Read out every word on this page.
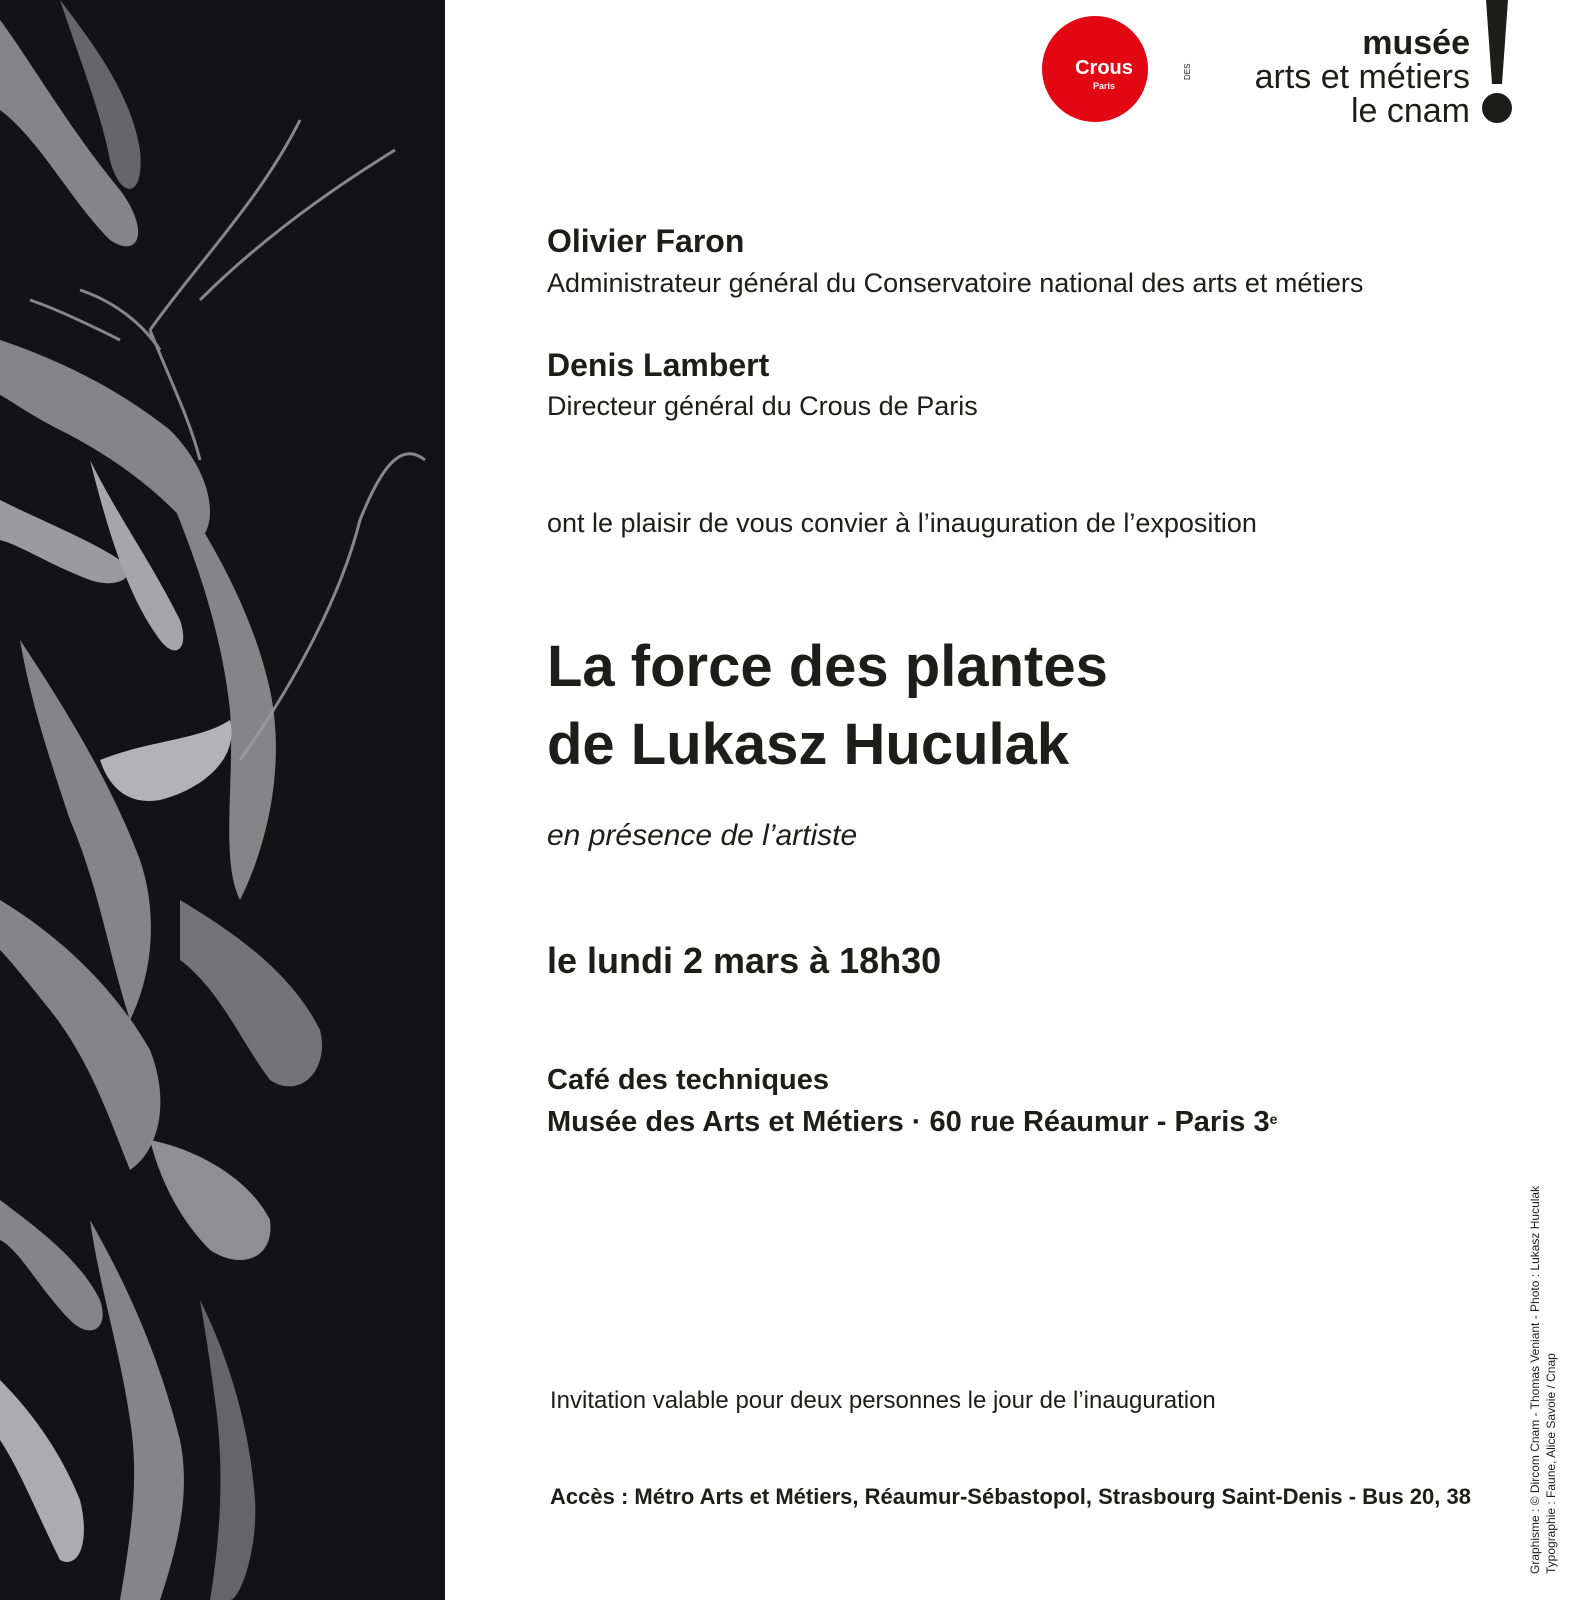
Crous
Paris
musée
DES arts et métiers
le cnam
Olivier Faron
Administrateur général du Conservatoire national des arts et métiers
Denis Lambert
Directeur général du Crous de Paris
ont le plaisir de vous convier à l’inauguration de l’exposition
La force des plantes
de Lukasz Huculak
en présence de l’artiste
le lundi 2 mars à 18h30
Café des techniques
Musée des Arts et Métiers · 60 rue Réaumur - Paris 3e
Invitation valable pour deux personnes le jour de l’inauguration
Accès : Métro Arts et Métiers, Réaumur-Sébastopol, Strasbourg Saint-Denis - Bus 20, 38	Graphisme : © Dircom Cnam - Thomas Veniant - Photo : Lukasz Huculak Typographie : Faune, Alice Savoie / Cnap
